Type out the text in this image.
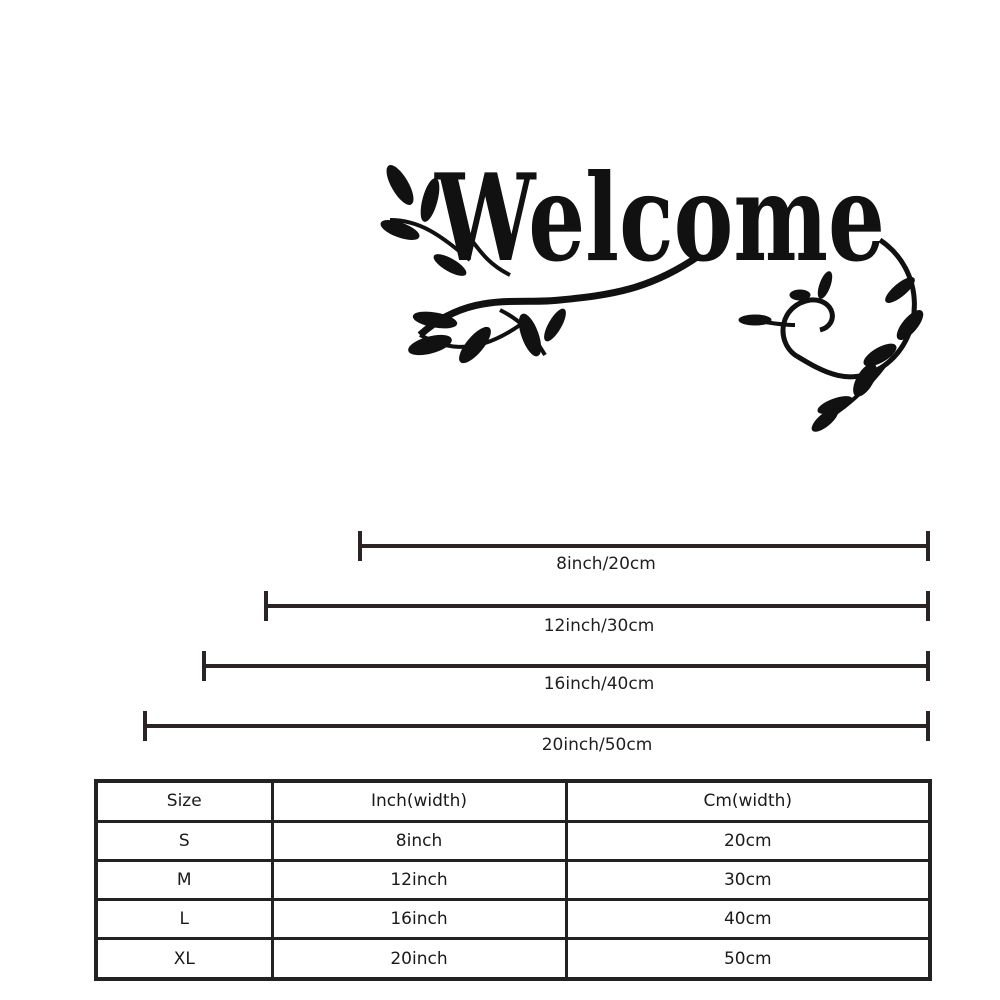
Welcome
8inch/20cm
12inch/30cm
16inch/40cm
20inch/50cm
Size	Inch(width)	Cm(width)
S	8inch	20cm
M	12inch	30cm
L	16inch	40cm
XL	20inch	50cm
